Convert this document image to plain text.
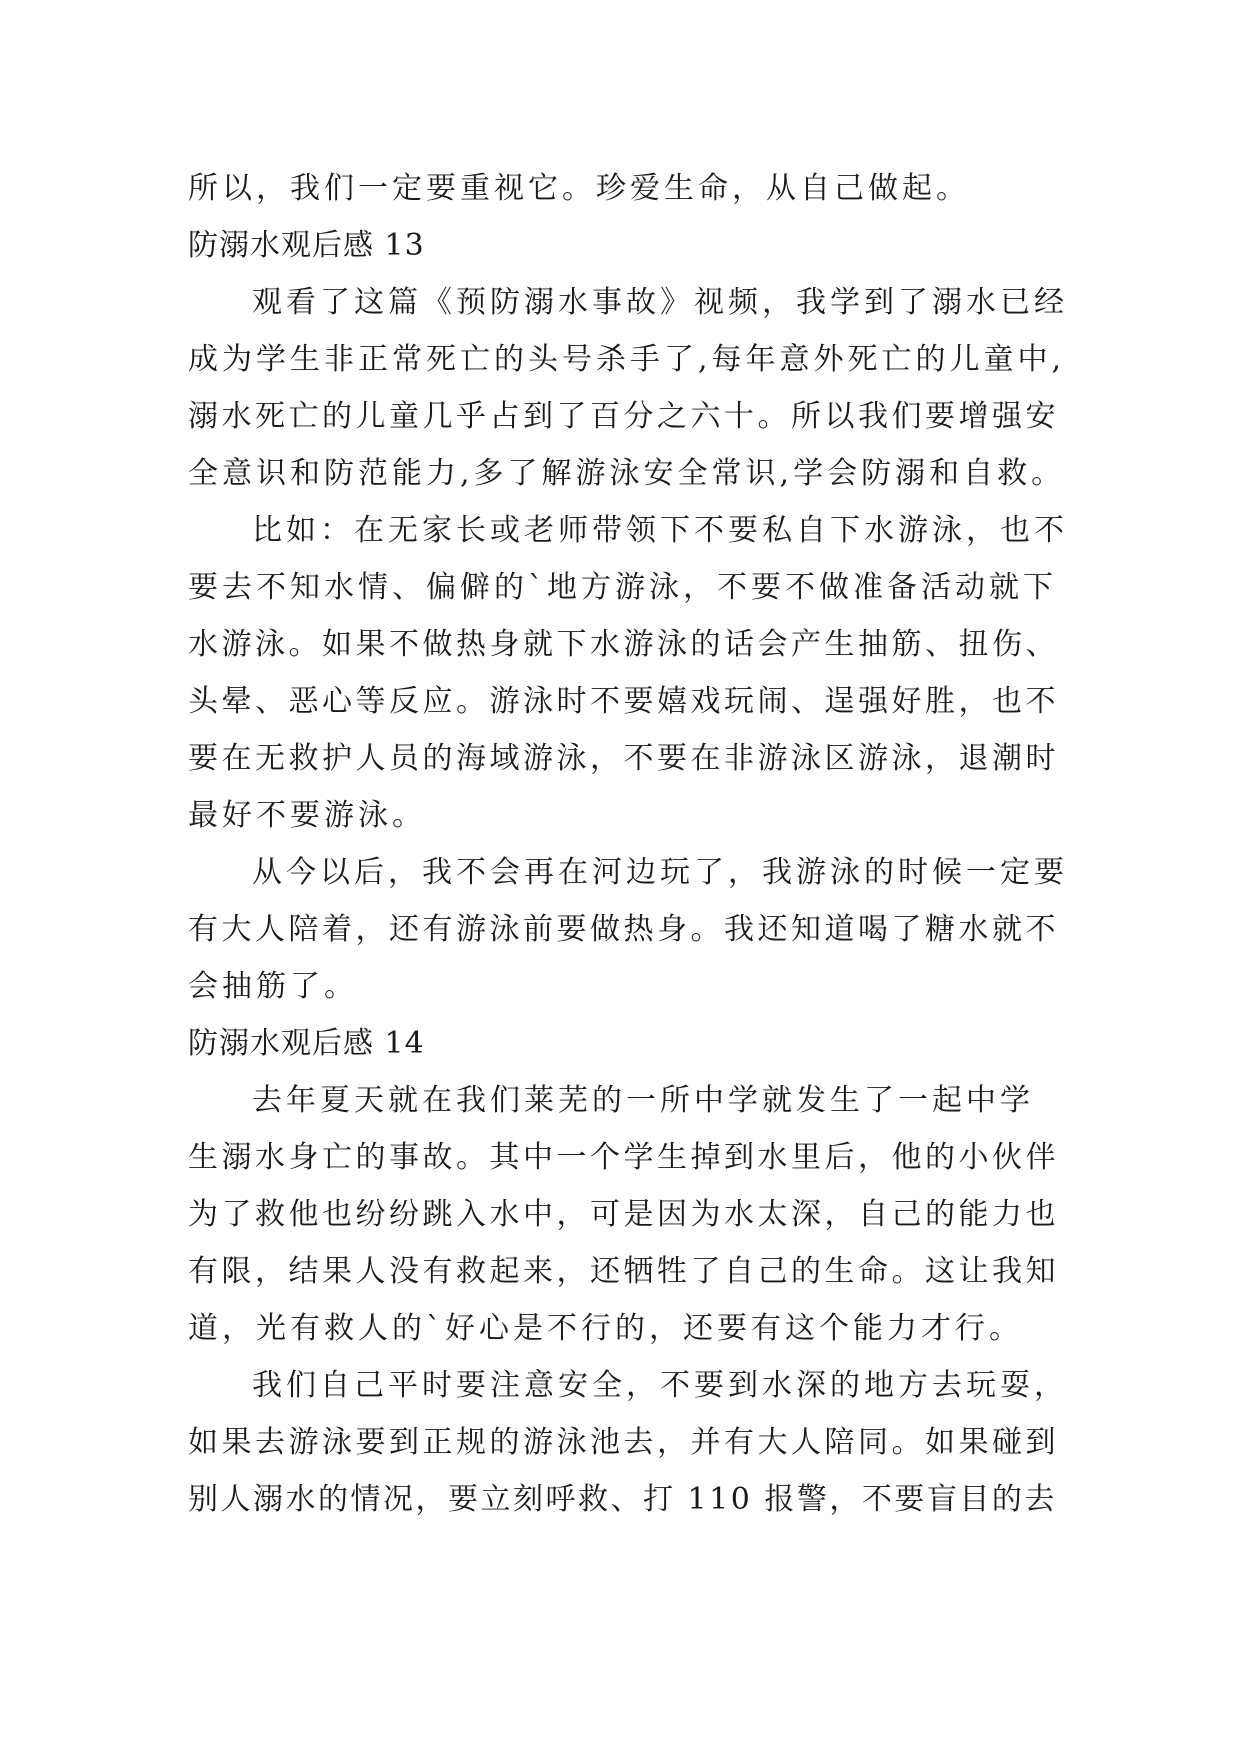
所以，我们一定要重视它。珍爱生命，从自己做起。
防溺水观后感 13
观看了这篇《预防溺水事故》视频，我学到了溺水已经
成为学生非正常死亡的头号杀手了,每年意外死亡的儿童中,
溺水死亡的儿童几乎占到了百分之六十。所以我们要增强安
全意识和防范能力,多了解游泳安全常识,学会防溺和自救。
比如：在无家长或老师带领下不要私自下水游泳，也不
要去不知水情、偏僻的`地方游泳，不要不做准备活动就下
水游泳。如果不做热身就下水游泳的话会产生抽筋、扭伤、
头晕、恶心等反应。游泳时不要嬉戏玩闹、逞强好胜，也不
要在无救护人员的海域游泳，不要在非游泳区游泳，退潮时
最好不要游泳。
从今以后，我不会再在河边玩了，我游泳的时候一定要
有大人陪着，还有游泳前要做热身。我还知道喝了糖水就不
会抽筋了。
防溺水观后感 14
去年夏天就在我们莱芜的一所中学就发生了一起中学
生溺水身亡的事故。其中一个学生掉到水里后，他的小伙伴
为了救他也纷纷跳入水中，可是因为水太深，自己的能力也
有限，结果人没有救起来，还牺牲了自己的生命。这让我知
道，光有救人的`好心是不行的，还要有这个能力才行。
我们自己平时要注意安全，不要到水深的地方去玩耍，
如果去游泳要到正规的游泳池去，并有大人陪同。如果碰到
别人溺水的情况，要立刻呼救、打 110 报警，不要盲目的去
